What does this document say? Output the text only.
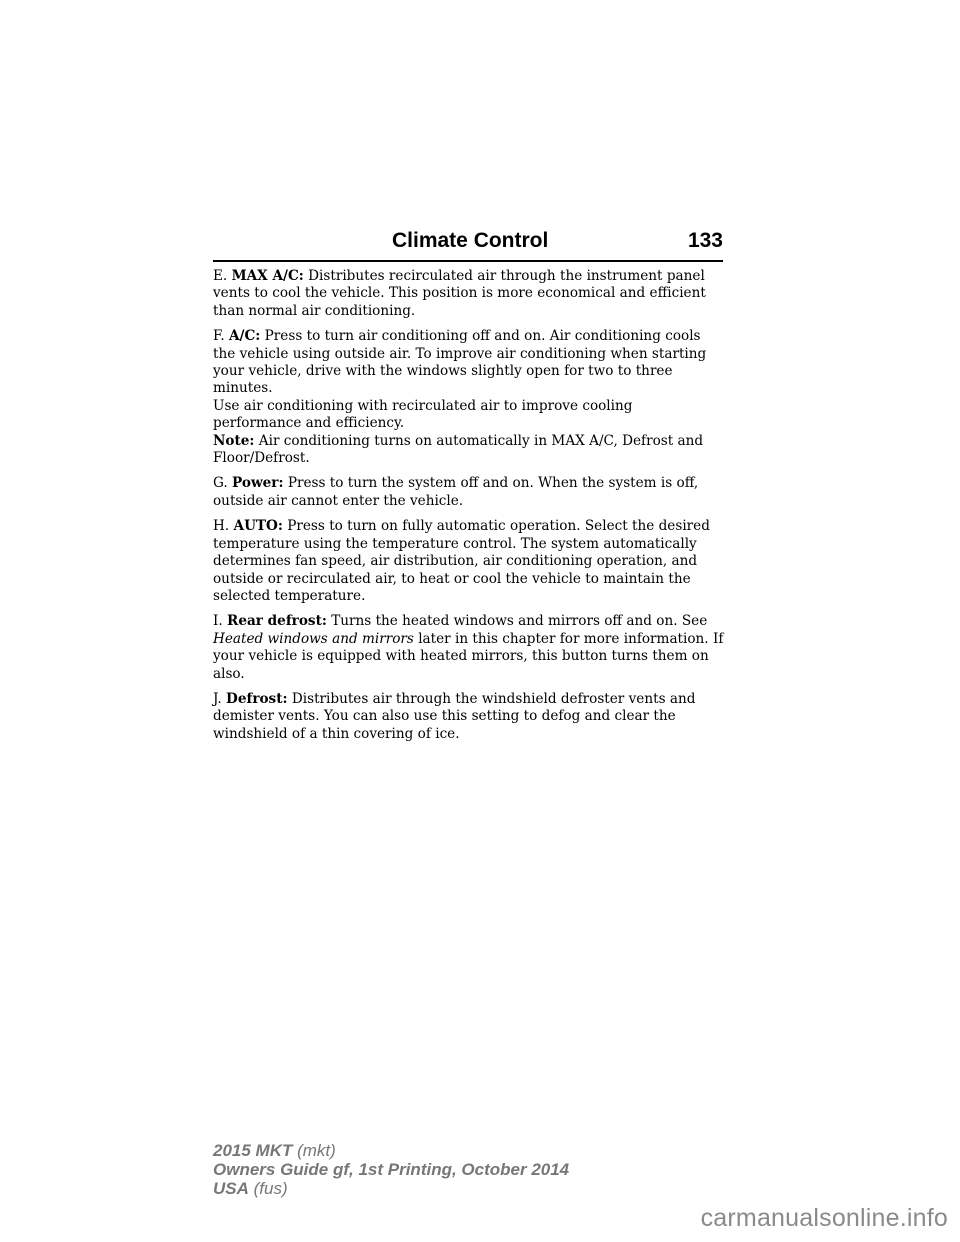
Climate Control	133

E. MAX A/C: Distributes recirculated air through the instrument panel vents to cool the vehicle. This position is more economical and efficient than normal air conditioning.

F. A/C: Press to turn air conditioning off and on. Air conditioning cools the vehicle using outside air. To improve air conditioning when starting your vehicle, drive with the windows slightly open for two to three minutes.

Use air conditioning with recirculated air to improve cooling performance and efficiency.

Note: Air conditioning turns on automatically in MAX A/C, Defrost and Floor/Defrost.

G. Power: Press to turn the system off and on. When the system is off, outside air cannot enter the vehicle.

H. AUTO: Press to turn on fully automatic operation. Select the desired temperature using the temperature control. The system automatically determines fan speed, air distribution, air conditioning operation, and outside or recirculated air, to heat or cool the vehicle to maintain the selected temperature.

I. Rear defrost: Turns the heated windows and mirrors off and on. See Heated windows and mirrors later in this chapter for more information. If your vehicle is equipped with heated mirrors, this button turns them on also.

J. Defrost: Distributes air through the windshield defroster vents and demister vents. You can also use this setting to defog and clear the windshield of a thin covering of ice.

2015 MKT (mkt)
Owners Guide gf, 1st Printing, October 2014
USA (fus)
carmanualsonline.info
